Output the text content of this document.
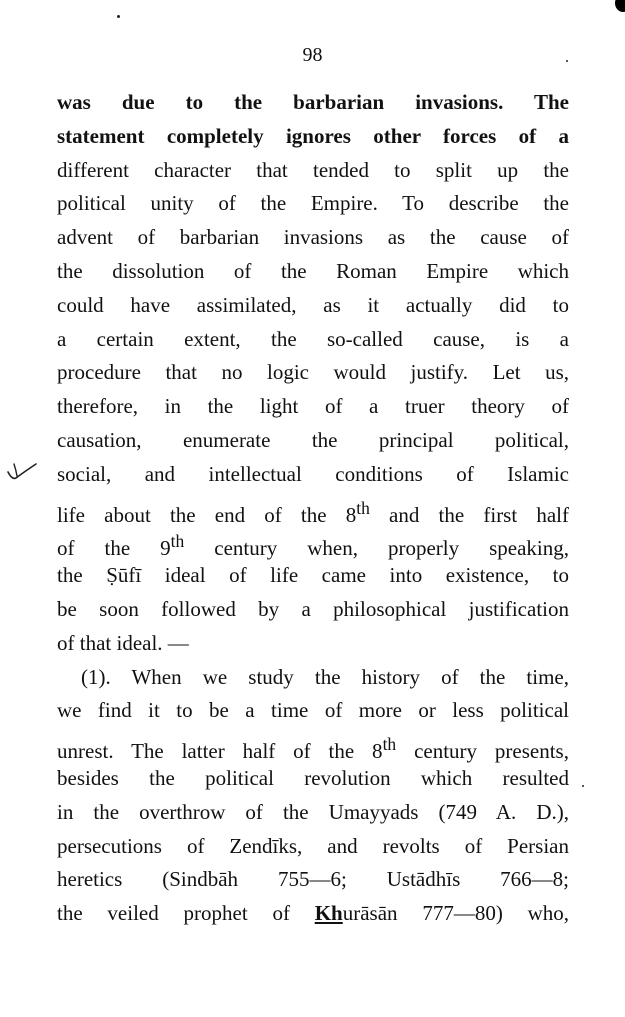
98
was due to the barbarian invasions. The
statement completely ignores other forces of a
different character that tended to split up the
political unity of the Empire. To describe the
advent of barbarian invasions as the cause of
the dissolution of the Roman Empire which
could have assimilated, as it actually did to
a certain extent, the so-called cause, is a
procedure that no logic would justify. Let us,
therefore, in the light of a truer theory of
causation, enumerate the principal political,
social, and intellectual conditions of Islamic
life about the end of the 8th and the first half
of the 9th century when, properly speaking,
the Ṣūfī ideal of life came into existence, to
be soon followed by a philosophical justification
of that ideal. —
(1). When we study the history of the time,
we find it to be a time of more or less political
unrest. The latter half of the 8th century presents,
besides the political revolution which resulted
in the overthrow of the Umayyads (749 A. D.),
persecutions of Zendīks, and revolts of Persian
heretics (Sindbāh 755—6; Ustādhīs 766—8;
the veiled prophet of Khurāsān 777—80) who,
